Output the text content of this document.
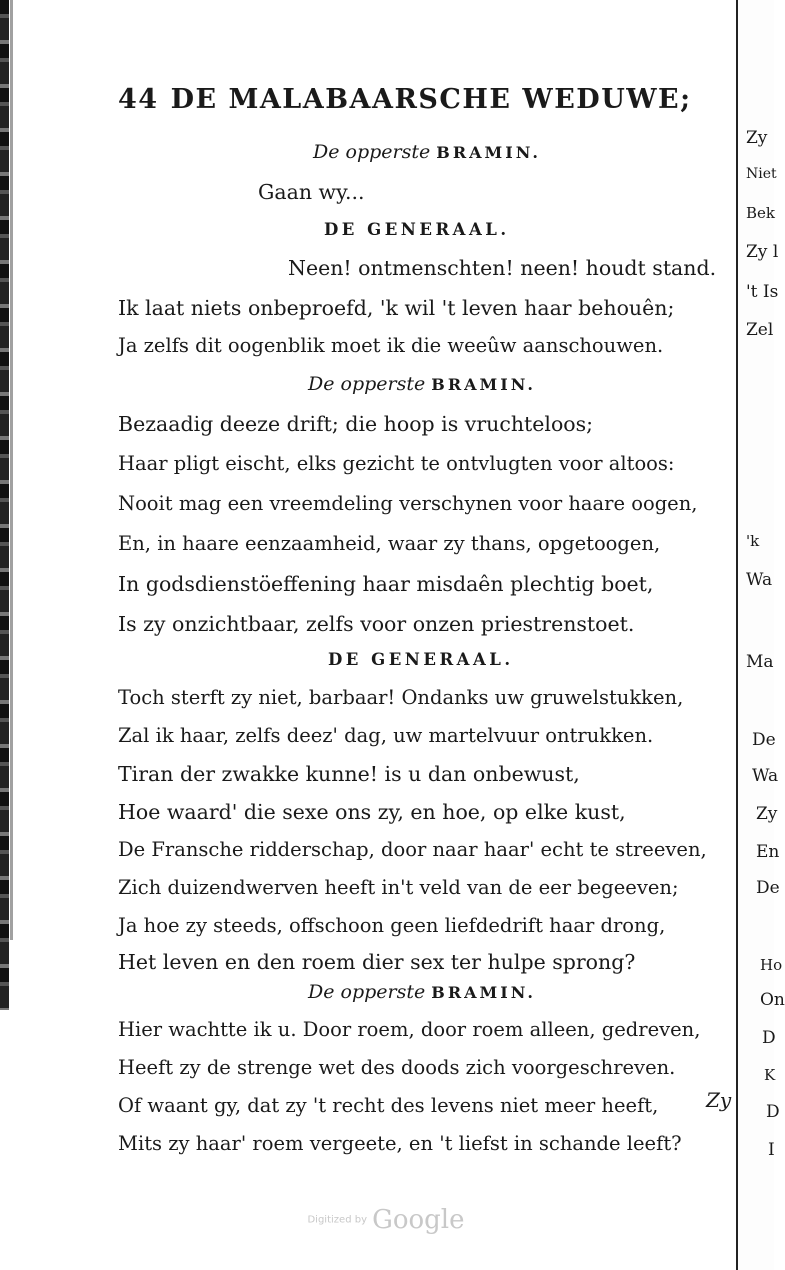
Zy
Niet
Bek
Zy l
't Is
Zel
'k
Wa
Ma
De
Wa
Zy
En
De
Ho
On
D
K
D
I
44 DE MALABAARSCHE WEDUWE;
De opperste BRAMIN.
Gaan wy...
DE GENERAAL.
Neen! ontmenschten! neen! houdt stand.
Ik laat niets onbeproefd, 'k wil 't leven haar behouên;
Ja zelfs dit oogenblik moet ik die weeûw aanschouwen.
De opperste BRAMIN.
Bezaadig deeze drift; die hoop is vruchteloos;
Haar pligt eischt, elks gezicht te ontvlugten voor altoos:
Nooit mag een vreemdeling verschynen voor haare oogen,
En, in haare eenzaamheid, waar zy thans, opgetoogen,
In godsdienstöeffening haar misdaên plechtig boet,
Is zy onzichtbaar, zelfs voor onzen priestrenstoet.
DE GENERAAL.
Toch sterft zy niet, barbaar! Ondanks uw gruwelstukken,
Zal ik haar, zelfs deez' dag, uw martelvuur ontrukken.
Tiran der zwakke kunne! is u dan onbewust,
Hoe waard' die sexe ons zy, en hoe, op elke kust,
De Fransche ridderschap, door naar haar' echt te streeven,
Zich duizendwerven heeft in't veld van de eer begeeven;
Ja hoe zy steeds, offschoon geen liefdedrift haar drong,
Het leven en den roem dier sex ter hulpe sprong?
De opperste BRAMIN.
Hier wachtte ik u. Door roem, door roem alleen, gedreven,
Heeft zy de strenge wet des doods zich voorgeschreven.
Of waant gy, dat zy 't recht des levens niet meer heeft,
Mits zy haar' roem vergeete, en 't liefst in schande leeft?
Zy
Digitized by Google
